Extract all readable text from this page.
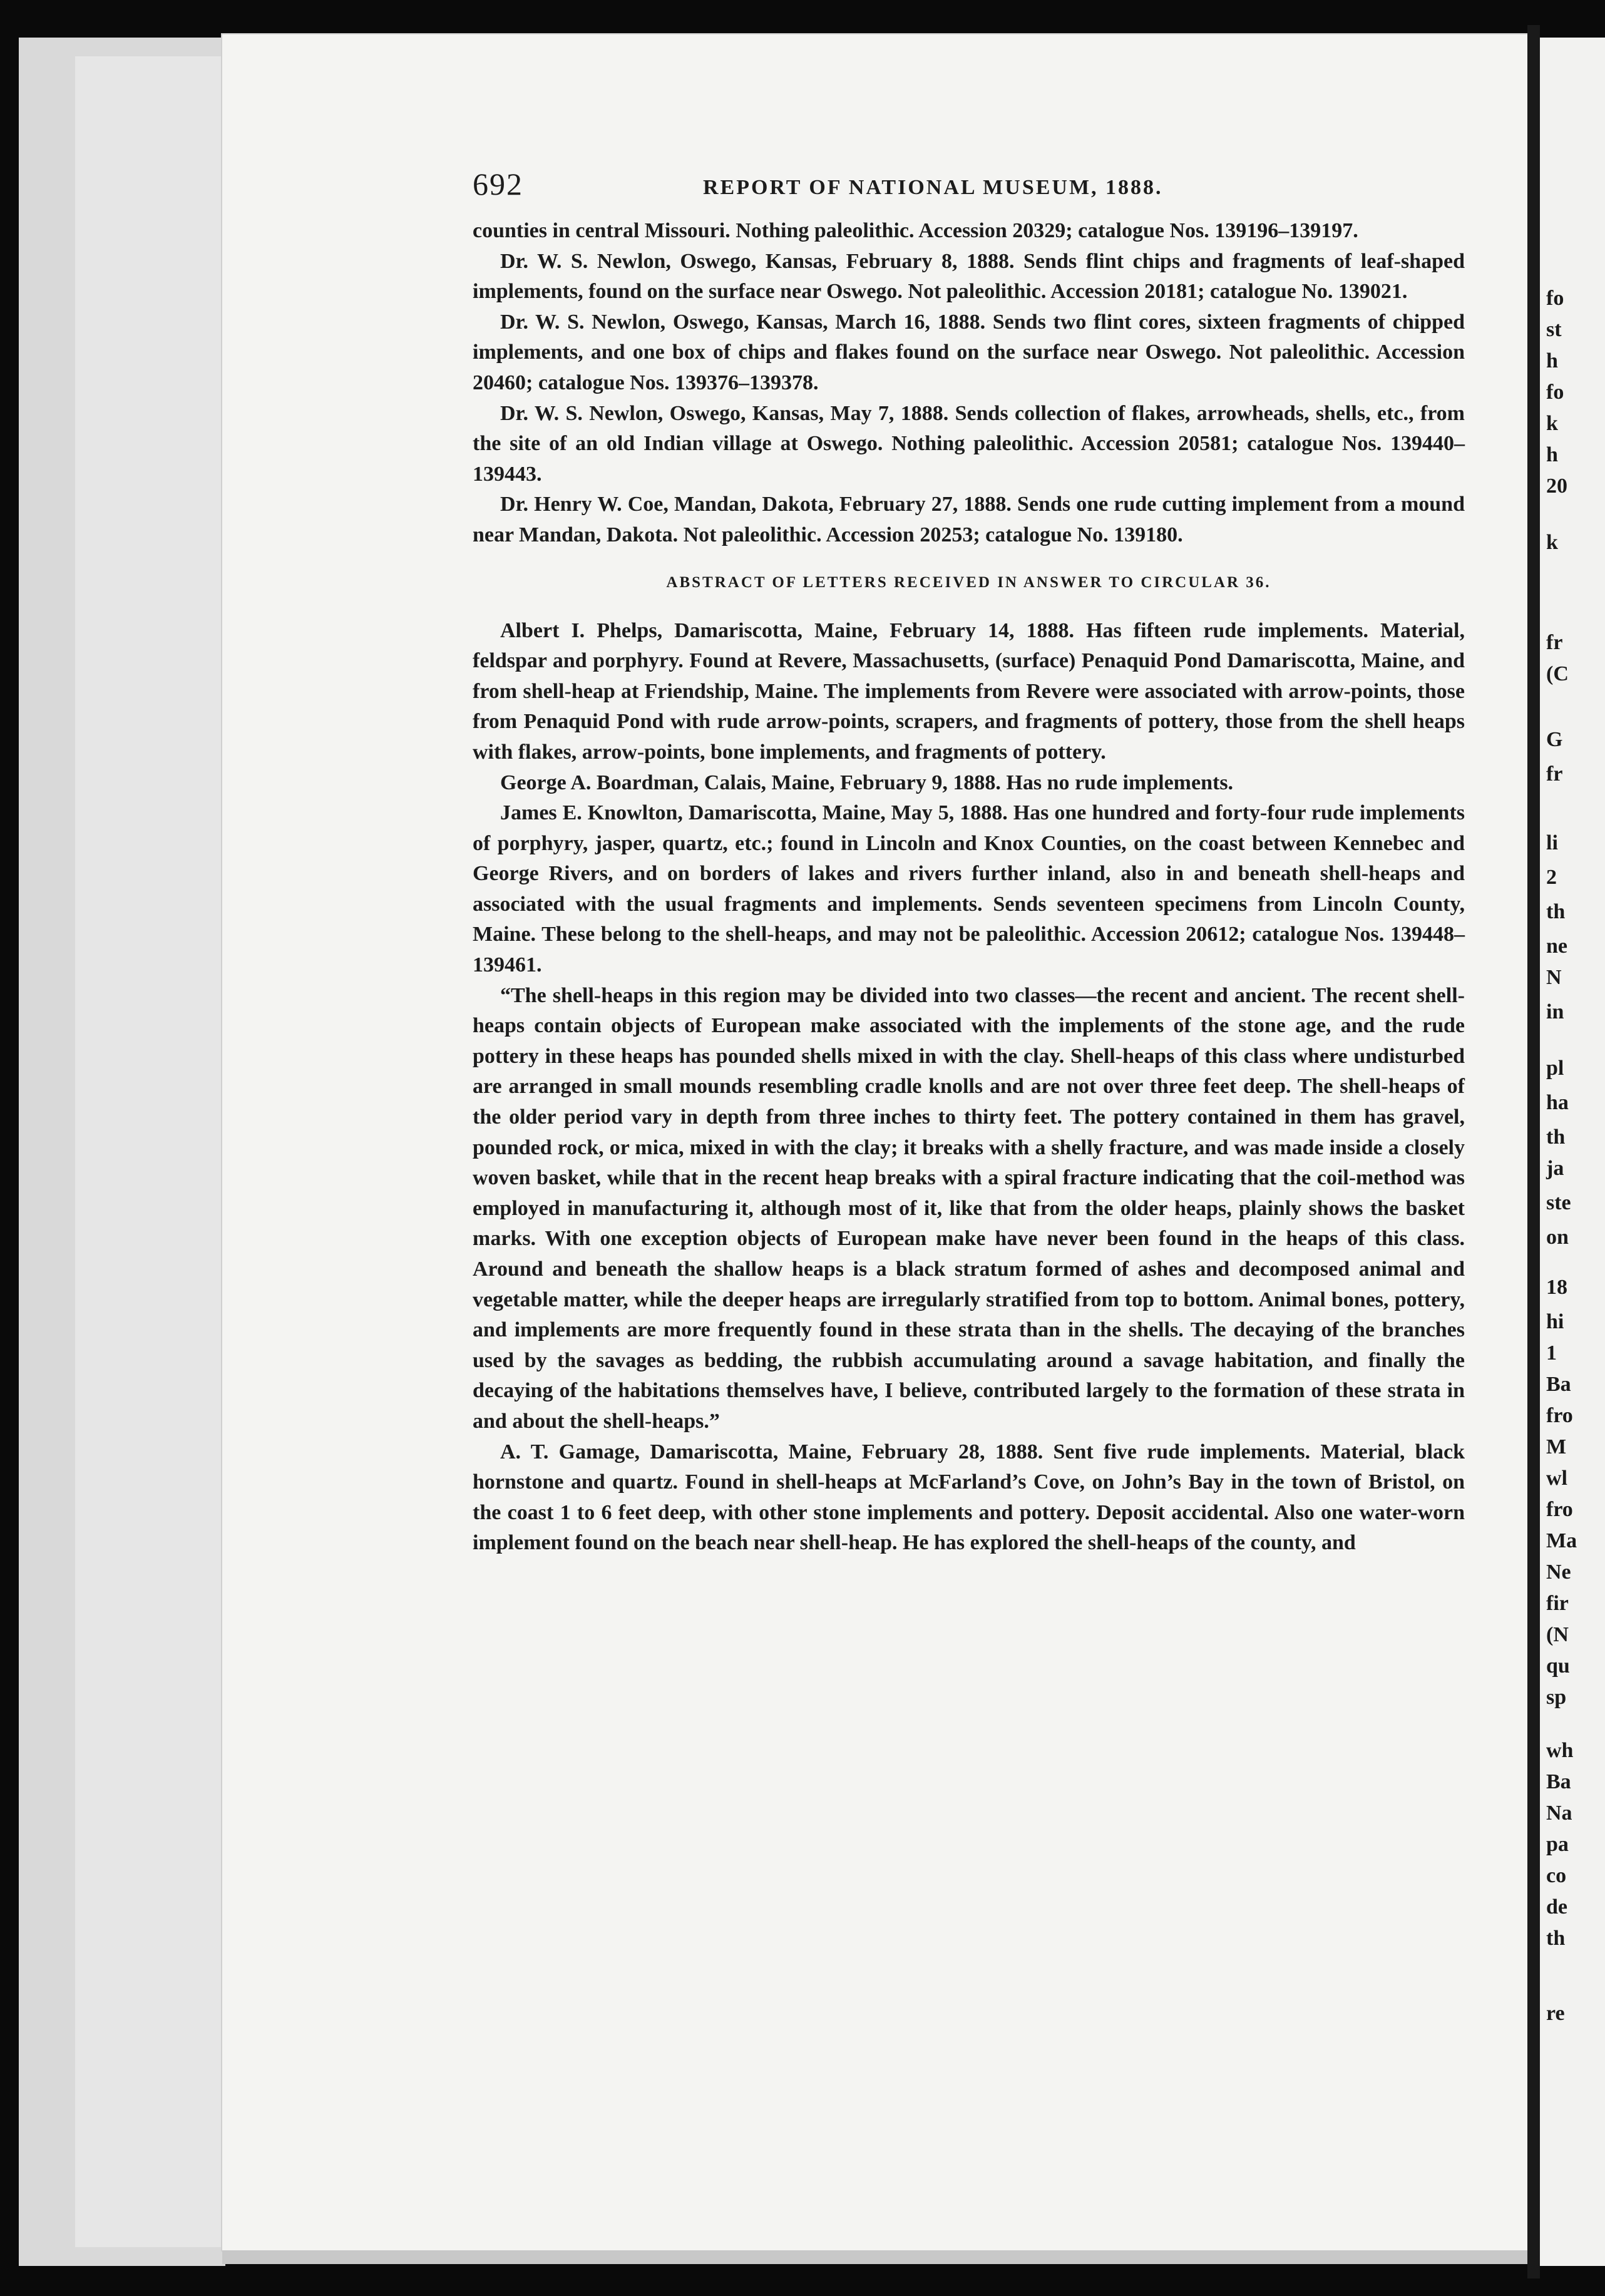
fo
st
h
fo
k
h
20
k
fr
(C
G
fr
li
2
th
ne
N
in
pl
ha
th
ja
ste
on
18
hi
1
Ba
fro
M
wl
fro
Ma
Ne
fir
(N
qu
sp
wh
Ba
Na
pa
co
de
th
re
692	REPORT OF NATIONAL MUSEUM, 1888.

counties in central Missouri. Nothing paleolithic. Accession 20329; catalogue Nos. 139196–139197.

Dr. W. S. Newlon, Oswego, Kansas, February 8, 1888. Sends flint chips and fragments of leaf-shaped implements, found on the surface near Oswego. Not paleolithic. Accession 20181; catalogue No. 139021.

Dr. W. S. Newlon, Oswego, Kansas, March 16, 1888. Sends two flint cores, sixteen fragments of chipped implements, and one box of chips and flakes found on the surface near Oswego. Not paleolithic. Accession 20460; catalogue Nos. 139376–139378.

Dr. W. S. Newlon, Oswego, Kansas, May 7, 1888. Sends collection of flakes, arrowheads, shells, etc., from the site of an old Indian village at Oswego. Nothing paleolithic. Accession 20581; catalogue Nos. 139440–139443.

Dr. Henry W. Coe, Mandan, Dakota, February 27, 1888. Sends one rude cutting implement from a mound near Mandan, Dakota. Not paleolithic. Accession 20253; catalogue No. 139180.

ABSTRACT OF LETTERS RECEIVED IN ANSWER TO CIRCULAR 36.

Albert I. Phelps, Damariscotta, Maine, February 14, 1888. Has fifteen rude implements. Material, feldspar and porphyry. Found at Revere, Massachusetts, (surface) Penaquid Pond Damariscotta, Maine, and from shell-heap at Friendship, Maine. The implements from Revere were associated with arrow-points, those from Penaquid Pond with rude arrow-points, scrapers, and fragments of pottery, those from the shell heaps with flakes, arrow-points, bone implements, and fragments of pottery.

George A. Boardman, Calais, Maine, February 9, 1888. Has no rude implements.

James E. Knowlton, Damariscotta, Maine, May 5, 1888. Has one hundred and forty-four rude implements of porphyry, jasper, quartz, etc.; found in Lincoln and Knox Counties, on the coast between Kennebec and George Rivers, and on borders of lakes and rivers further inland, also in and beneath shell-heaps and associated with the usual fragments and implements. Sends seventeen specimens from Lincoln County, Maine. These belong to the shell-heaps, and may not be paleolithic. Accession 20612; catalogue Nos. 139448–139461.

“The shell-heaps in this region may be divided into two classes—the recent and ancient. The recent shell-heaps contain objects of European make associated with the implements of the stone age, and the rude pottery in these heaps has pounded shells mixed in with the clay. Shell-heaps of this class where undisturbed are arranged in small mounds resembling cradle knolls and are not over three feet deep. The shell-heaps of the older period vary in depth from three inches to thirty feet. The pottery contained in them has gravel, pounded rock, or mica, mixed in with the clay; it breaks with a shelly fracture, and was made inside a closely woven basket, while that in the recent heap breaks with a spiral fracture indicating that the coil-method was employed in manufacturing it, although most of it, like that from the older heaps, plainly shows the basket marks. With one exception objects of European make have never been found in the heaps of this class. Around and beneath the shallow heaps is a black stratum formed of ashes and decomposed animal and vegetable matter, while the deeper heaps are irregularly stratified from top to bottom. Animal bones, pottery, and implements are more frequently found in these strata than in the shells. The decaying of the branches used by the savages as bedding, the rubbish accumulating around a savage habitation, and finally the decaying of the habitations themselves have, I believe, contributed largely to the formation of these strata in and about the shell-heaps.”

A. T. Gamage, Damariscotta, Maine, February 28, 1888. Sent five rude implements. Material, black hornstone and quartz. Found in shell-heaps at McFarland’s Cove, on John’s Bay in the town of Bristol, on the coast 1 to 6 feet deep, with other stone implements and pottery. Deposit accidental. Also one water-worn implement found on the beach near shell-heap. He has explored the shell-heaps of the county, and
